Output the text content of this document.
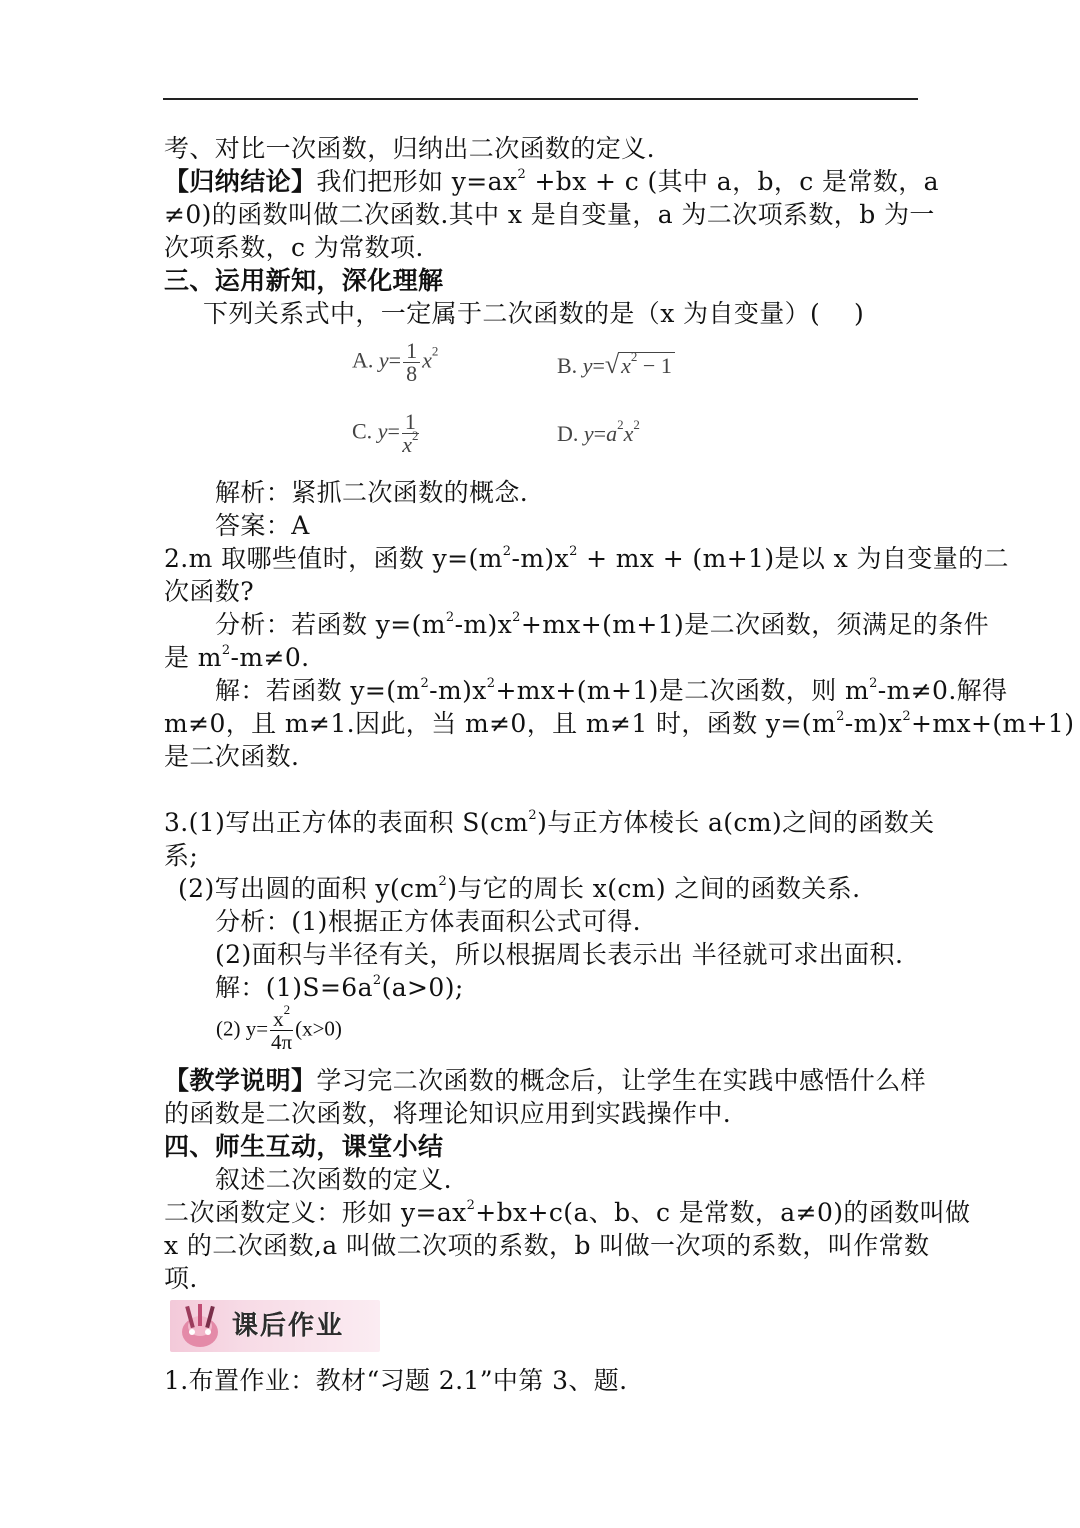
考、对比一次函数，归纳出二次函数的定义.
【归纳结论】我们把形如 $y=ax^2 +bx + c$ (其中 a，b，c 是常数，a
≠0)的函数叫做二次函数.其中 x 是自变量，a 为二次项系数，b 为一
次项系数，c 为常数项.
三、运用新知，深化理解
下列关系式中，一定属于二次函数的是（x 为自变量）(　 )
A. $y= \frac{1}{8} x^2$
B. $y=√x^2 - 1$
C. $y= \frac{1}{x^2}$	D. $y=a^2x^2$
解析：紧抓二次函数的概念.
答案：A
2.m 取哪些值时，函数 $y=(m^2-m)x^2$ + mx + (m+1)是以 x 为自变量的二
次函数?
分析：若函数 $y=(m^2-m)x^2+mx+(m+1)$是二次函数，须满足的条件
是 $m^2-m\ne 0$.
解：若函数 $y=(m^2-m)x^2+mx+(m+1)$是二次函数，则 $m^2-m\ne 0$.解得
m≠0，且 m≠1.因此，当 m≠0，且 m≠1 时，函数 $y=(m^2-m)x^2+mx+(m+1)$
是二次函数.
3.(1)写出正方体的表面积 $S(cm^2)$与正方体棱长 a(cm)之间的函数关
系;
(2)写出圆的面积 $y(cm^2)$与它的周长 x(cm) 之间的函数关系.
分析：(1)根据正方体表面积公式可得.
(2)面积与半径有关，所以根据周长表示出 半径就可求出面积.
解：$(1)S=6a^2(a>0)$;
(2) $y= \frac{x^2}{4\pi} (x>0)$
【教学说明】学习完二次函数的概念后，让学生在实践中感悟什么样
的函数是二次函数，将理论知识应用到实践操作中.
四、师生互动，课堂小结
叙述二次函数的定义.
二次函数定义：形如 $y=ax^2+bx+c(a$、b、c 是常数，a≠0)的函数叫做
x 的二次函数,a 叫做二次项的系数，b 叫做一次项的系数，叫作常数
项.
课后作业
1.布置作业：教材“习题 2.1”中第 3、题.
